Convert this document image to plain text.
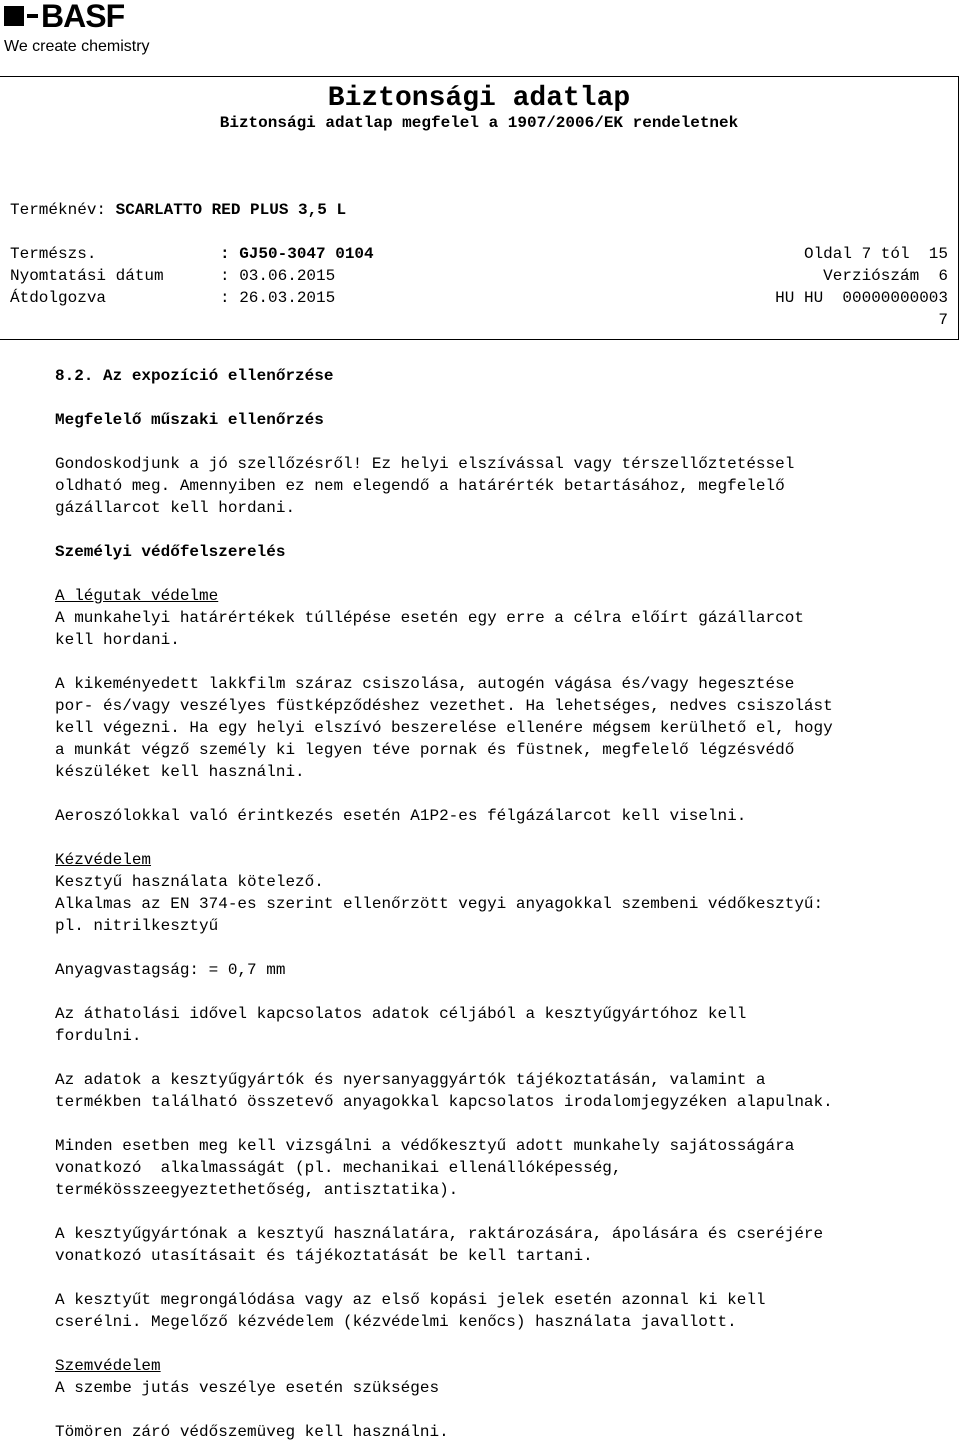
BASF
We create chemistry
Biztonsági adatlap
Biztonsági adatlap megfelel a 1907/2006/EK rendeletnek
Terméknév: SCARLATTO RED PLUS 3,5 L
Természs.	: GJ50-3047 0104
Nyomtatási dátum	: 03.06.2015
Átdolgozva	: 26.03.2015
Oldal 7 tól  15
Verziószám  6
HU HU  00000000003
7

8.2. Az expozíció ellenőrzése

Megfelelő műszaki ellenőrzés

Gondoskodjunk a jó szellőzésről! Ez helyi elszívással vagy térszellőztetéssel

oldható meg. Amennyiben ez nem elegendő a határérték betartásához, megfelelő

gázállarcot kell hordani.

Személyi védőfelszerelés

A légutak védelme

A munkahelyi határértékek túllépése esetén egy erre a célra előírt gázállarcot

kell hordani.

A kikeményedett lakkfilm száraz csiszolása, autogén vágása és/vagy hegesztése

por- és/vagy veszélyes füstképződéshez vezethet. Ha lehetséges, nedves csiszolást

kell végezni. Ha egy helyi elszívó beszerelése ellenére mégsem kerülhető el, hogy

a munkát végző személy ki legyen téve pornak és füstnek, megfelelő légzésvédő

készüléket kell használni.

Aeroszólokkal való érintkezés esetén A1P2-es félgázálarcot kell viselni.

Kézvédelem

Kesztyű használata kötelező.

Alkalmas az EN 374-es szerint ellenőrzött vegyi anyagokkal szembeni védőkesztyű:

pl. nitrilkesztyű

Anyagvastagság: = 0,7 mm

Az áthatolási idővel kapcsolatos adatok céljából a kesztyűgyártóhoz kell

fordulni.

Az adatok a kesztyűgyártók és nyersanyaggyártók tájékoztatásán, valamint a

termékben található összetevő anyagokkal kapcsolatos irodalomjegyzéken alapulnak.

Minden esetben meg kell vizsgálni a védőkesztyű adott munkahely sajátosságára

vonatkozó  alkalmasságát (pl. mechanikai ellenállóképesség,

termékösszeegyeztethetőség, antisztatika).

A kesztyűgyártónak a kesztyű használatára, raktározására, ápolására és cseréjére

vonatkozó utasításait és tájékoztatását be kell tartani.

A kesztyűt megrongálódása vagy az első kopási jelek esetén azonnal ki kell

cserélni. Megelőző kézvédelem (kézvédelmi kenőcs) használata javallott.

Szemvédelem

A szembe jutás veszélye esetén szükséges

Tömören záró védőszemüveg kell használni.
